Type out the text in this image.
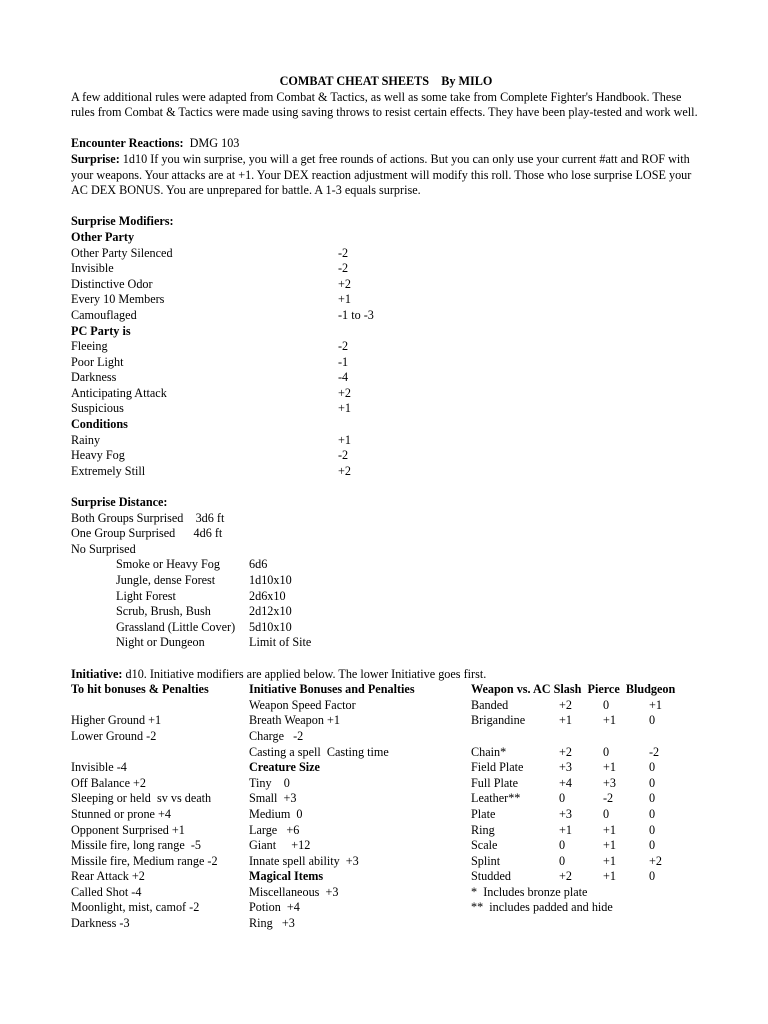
COMBAT CHEAT SHEETS    By MILO

A few additional rules were adapted from Combat & Tactics, as well as some take from Complete Fighter's Handbook. These rules from Combat & Tactics were made using saving throws to resist certain effects. They have been play-tested and work well.

Encounter Reactions:  DMG 103

Surprise: 1d10 If you win surprise, you will a get free rounds of actions. But you can only use your current #att and ROF with your weapons. Your attacks are at +1. Your DEX reaction adjustment will modify this roll. Those who lose surprise LOSE your AC DEX BONUS. You are unprepared for battle. A 1-3 equals surprise.

Surprise Modifiers:

Other Party

Other Party Silenced	-2
Invisible	-2
Distinctive Odor	+2
Every 10 Members	+1
Camouflaged	-1 to -3

PC Party is

Fleeing	-2
Poor Light	-1
Darkness	-4
Anticipating Attack	+2
Suspicious	+1

Conditions

Rainy	+1
Heavy Fog	-2
Extremely Still	+2

Surprise Distance:

Both Groups Surprised    3d6 ft

One Group Surprised      4d6 ft

No Surprised

Smoke or Heavy Fog	6d6
Jungle, dense Forest	1d10x10
Light Forest	2d6x10
Scrub, Brush, Bush	2d12x10
Grassland (Little Cover)	5d10x10
Night or Dungeon	Limit of Site

Initiative: d10. Initiative modifiers are applied below. The lower Initiative goes first.

To hit bonuses & Penalties

Higher Ground +1

Lower Ground -2

Invisible -4

Off Balance +2

Sleeping or held  sv vs death

Stunned or prone +4

Opponent Surprised +1

Missile fire, long range  -5

Missile fire, Medium range -2

Rear Attack +2

Called Shot -4

Moonlight, mist, camof -2

Darkness -3

Initiative Bonuses and Penalties

Weapon Speed Factor

Breath Weapon +1

Charge   -2

Casting a spell  Casting time

Creature Size

Tiny    0

Small  +3

Medium  0

Large   +6

Giant     +12

Innate spell ability  +3

Magical Items

Miscellaneous  +3

Potion  +4

Ring   +3

Weapon vs. AC Slash  Pierce  Bludgeon

Banded	+2	0	+1
Brigandine	+1	+1	0
Chain*	+2	0	-2
Field Plate	+3	+1	0
Full Plate	+4	+3	0
Leather**	0	-2	0
Plate	+3	0	0
Ring	+1	+1	0
Scale	0	+1	0
Splint	0	+1	+2
Studded	+2	+1	0

*  Includes bronze plate

**  includes padded and hide
